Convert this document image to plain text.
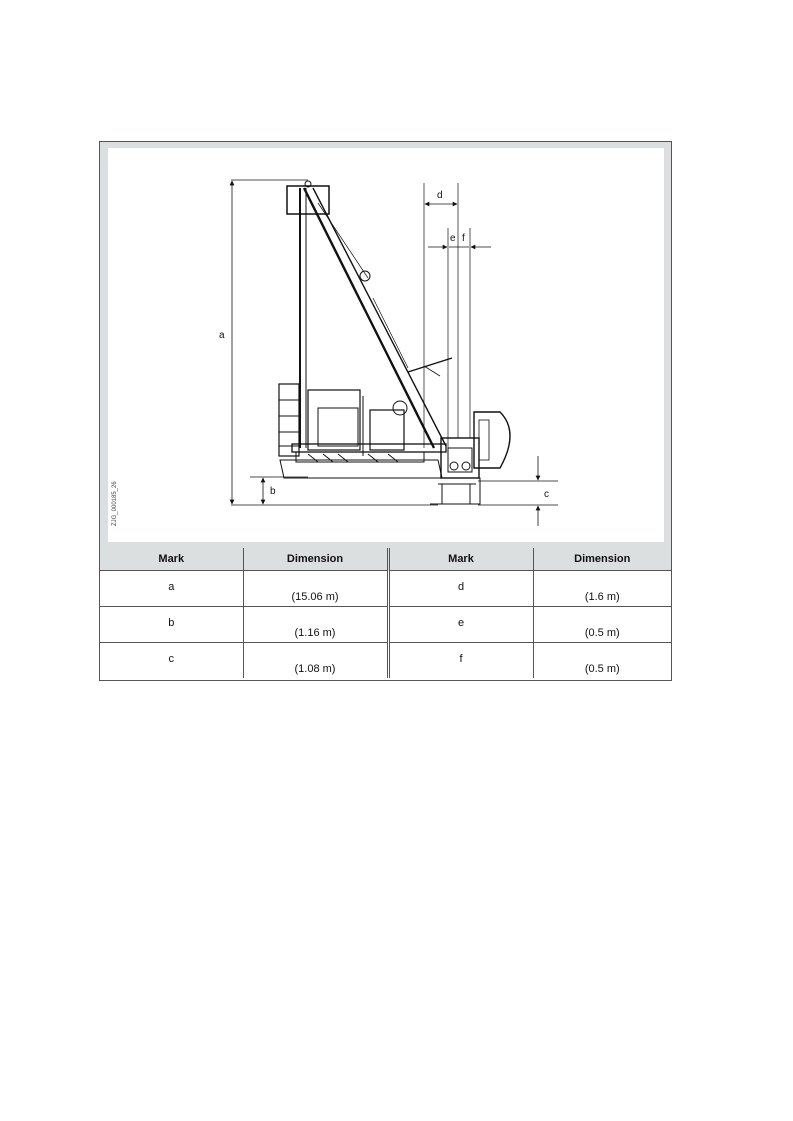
a
b	c
d
e f
ZJG_000185_26
Mark	Dimension	Mark	Dimension

a	(15.06 m)	d	(1.6 m)

b	(1.16 m)	e	(0.5 m)

c	(1.08 m)	f	(0.5 m)
